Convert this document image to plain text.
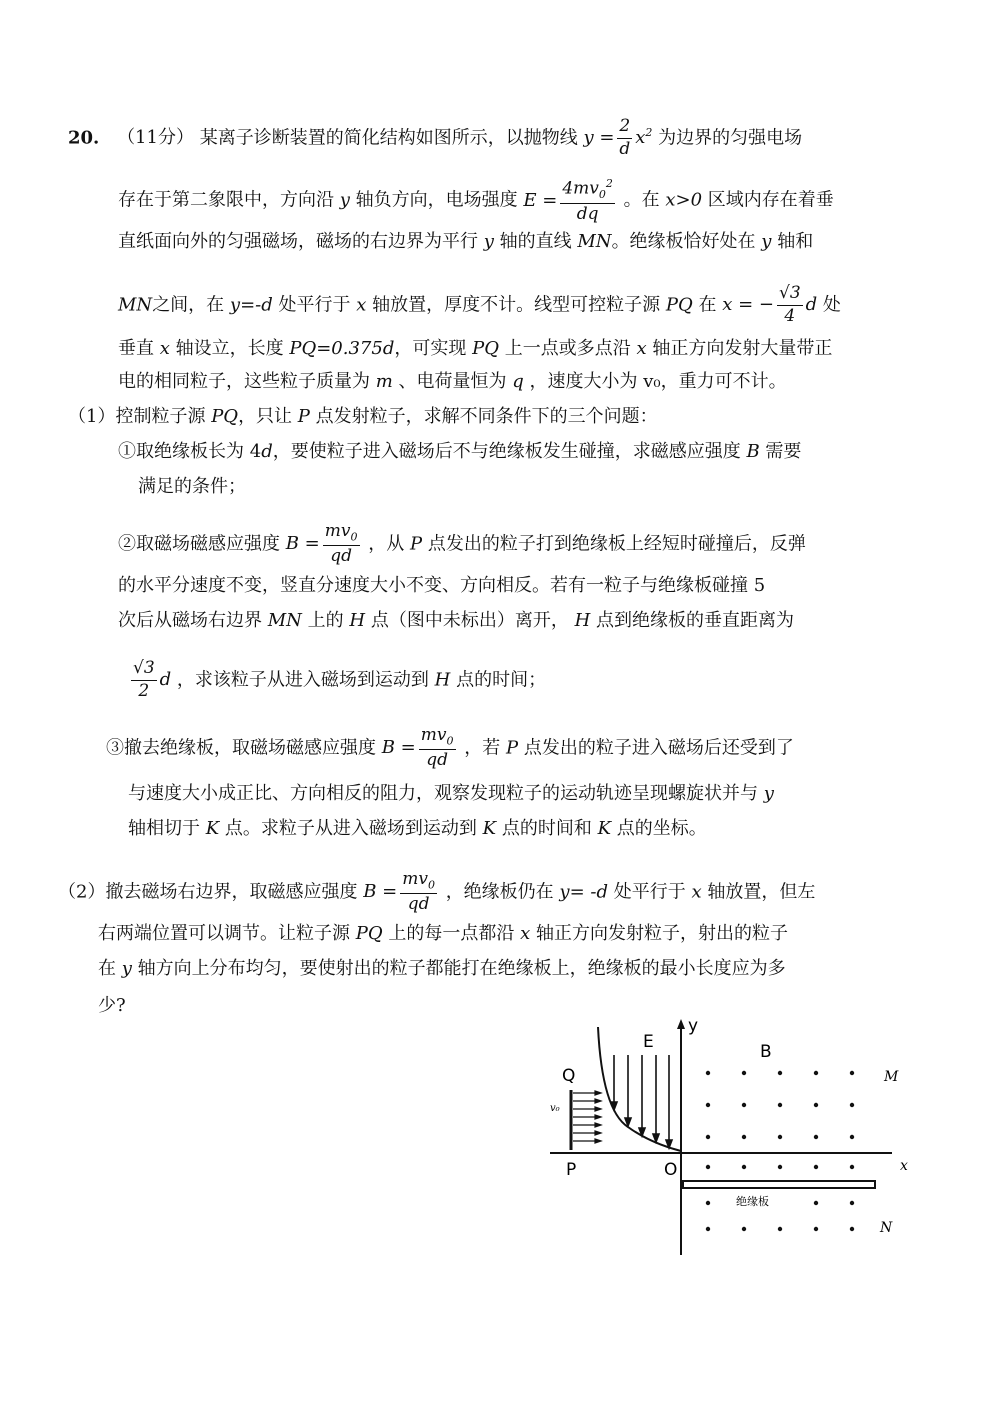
20. （11分） 某离子诊断装置的简化结构如图所示，以抛物线 $y = \frac{2}{d} x^2$ 为边界的匀强电场
存在于第二象限中，方向沿 y 轴负方向，电场强度 $E = \frac{4mv_0^2}{dq}$ 。在 x>0 区域内存在着垂
直纸面向外的匀强磁场，磁场的右边界为平行 y 轴的直线 MN。绝缘板恰好处在 y 轴和
MN之间，在 y=-d 处平行于 x 轴放置，厚度不计。线型可控粒子源 PQ 在 x = − $\frac{√3}{4}$ d 处
垂直 x 轴设立，长度 PQ=0.375d，可实现 PQ 上一点或多点沿 x 轴正方向发射大量带正
电的相同粒子，这些粒子质量为 m 、电荷量恒为 q ，速度大小为 v₀，重力可不计。
（1）控制粒子源 PQ，只让 P 点发射粒子，求解不同条件下的三个问题：
①取绝缘板长为 4d，要使粒子进入磁场后不与绝缘板发生碰撞，求磁感应强度 B 需要
满足的条件；
②取磁场磁感应强度 $B = \frac{mv_0}{qd}$ ，从 P 点发出的粒子打到绝缘板上经短时碰撞后，反弹
的水平分速度不变，竖直分速度大小不变、方向相反。若有一粒子与绝缘板碰撞 5
次后从磁场右边界 MN 上的 H 点（图中未标出）离开， H 点到绝缘板的垂直距离为
$\frac{√3}{2}$ d ，求该粒子从进入磁场到运动到 H 点的时间；
③撤去绝缘板，取磁场磁感应强度 $B = \frac{mv_0}{qd}$ ，若 P 点发出的粒子进入磁场后还受到了
与速度大小成正比、方向相反的阻力，观察发现粒子的运动轨迹呈现螺旋状并与 y
轴相切于 K 点。求粒子从进入磁场到运动到 K 点的时间和 K 点的坐标。
（2）撤去磁场右边界，取磁感应强度 $B = \frac{mv_0}{qd}$ ，绝缘板仍在 y= -d 处平行于 x 轴放置，但左
右两端位置可以调节。让粒子源 PQ 上的每一点都沿 x 轴正方向发射粒子，射出的粒子
在 y 轴方向上分布均匀，要使射出的粒子都能打在绝缘板上，绝缘板的最小长度应为多
少?
y
x
E
Q
P
v₀
O
绝缘板
B
M
N
